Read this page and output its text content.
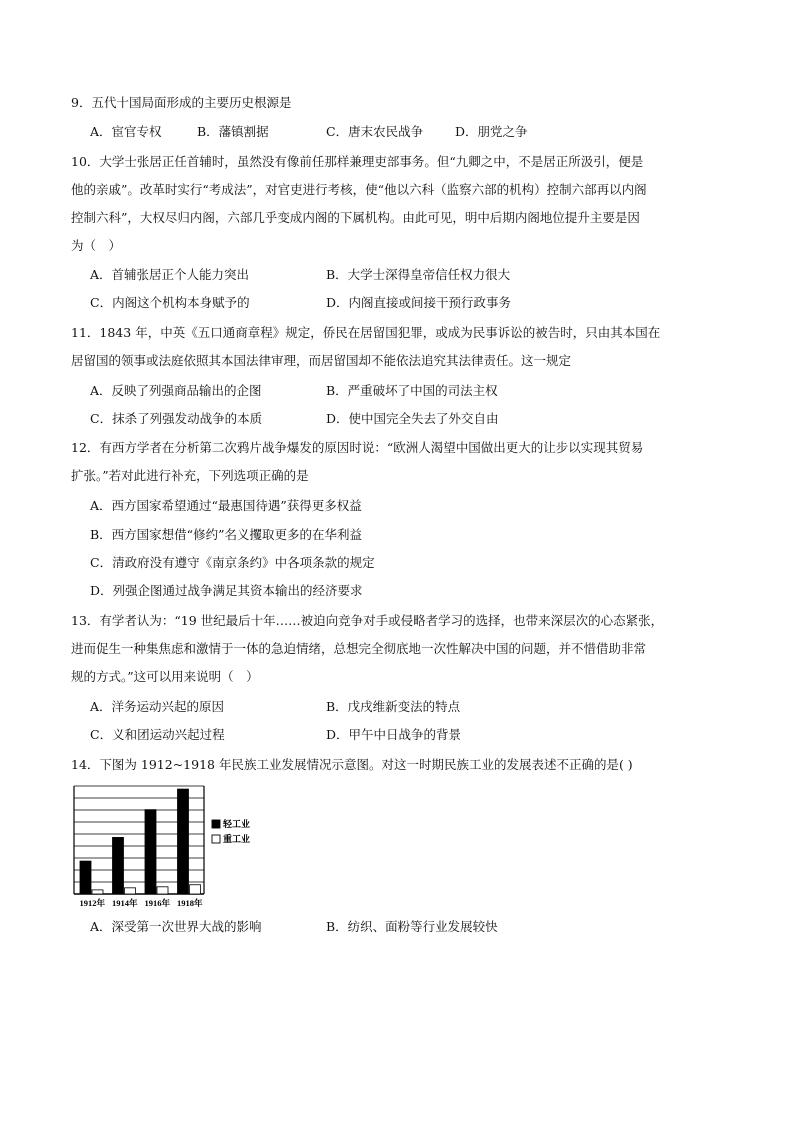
9．五代十国局面形成的主要历史根源是
A．宦官专权	B．藩镇割据	C．唐末农民战争	D．朋党之争
10．大学士张居正任首辅时，虽然没有像前任那样兼理吏部事务。但“九卿之中，不是居正所汲引，便是
他的亲戚”。改革时实行“考成法”，对官吏进行考核，使“他以六科（监察六部的机构）控制六部再以内阁
控制六科”，大权尽归内阁，六部几乎变成内阁的下属机构。由此可见，明中后期内阁地位提升主要是因
为（　）
A．首辅张居正个人能力突出	B．大学士深得皇帝信任权力很大
C．内阁这个机构本身赋予的	D．内阁直接或间接干预行政事务
11．1843 年，中英《五口通商章程》规定，侨民在居留国犯罪，或成为民事诉讼的被告时，只由其本国在
居留国的领事或法庭依照其本国法律审理，而居留国却不能依法追究其法律责任。这一规定
A．反映了列强商品输出的企图	B．严重破坏了中国的司法主权
C．抹杀了列强发动战争的本质	D．使中国完全失去了外交自由
12．有西方学者在分析第二次鸦片战争爆发的原因时说：“欧洲人渴望中国做出更大的让步以实现其贸易
扩张。”若对此进行补充，下列选项正确的是
A．西方国家希望通过“最惠国待遇”获得更多权益
B．西方国家想借“修约”名义攫取更多的在华利益
C．清政府没有遵守《南京条约》中各项条款的规定
D．列强企图通过战争满足其资本输出的经济要求
13．有学者认为：“19 世纪最后十年……被迫向竞争对手或侵略者学习的选择，也带来深层次的心态紧张，
进而促生一种集焦虑和激情于一体的急迫情绪，总想完全彻底地一次性解决中国的问题，并不惜借助非常
规的方式。”这可以用来说明（　）
A．洋务运动兴起的原因	B．戊戌维新变法的特点
C．义和团运动兴起过程	D．甲午中日战争的背景
14．下图为 1912~1918 年民族工业发展情况示意图。对这一时期民族工业的发展表述不正确的是( )
1912年 1914年 1916年 1918年
轻工业
重工业
A．深受第一次世界大战的影响	B．纺织、面粉等行业发展较快
